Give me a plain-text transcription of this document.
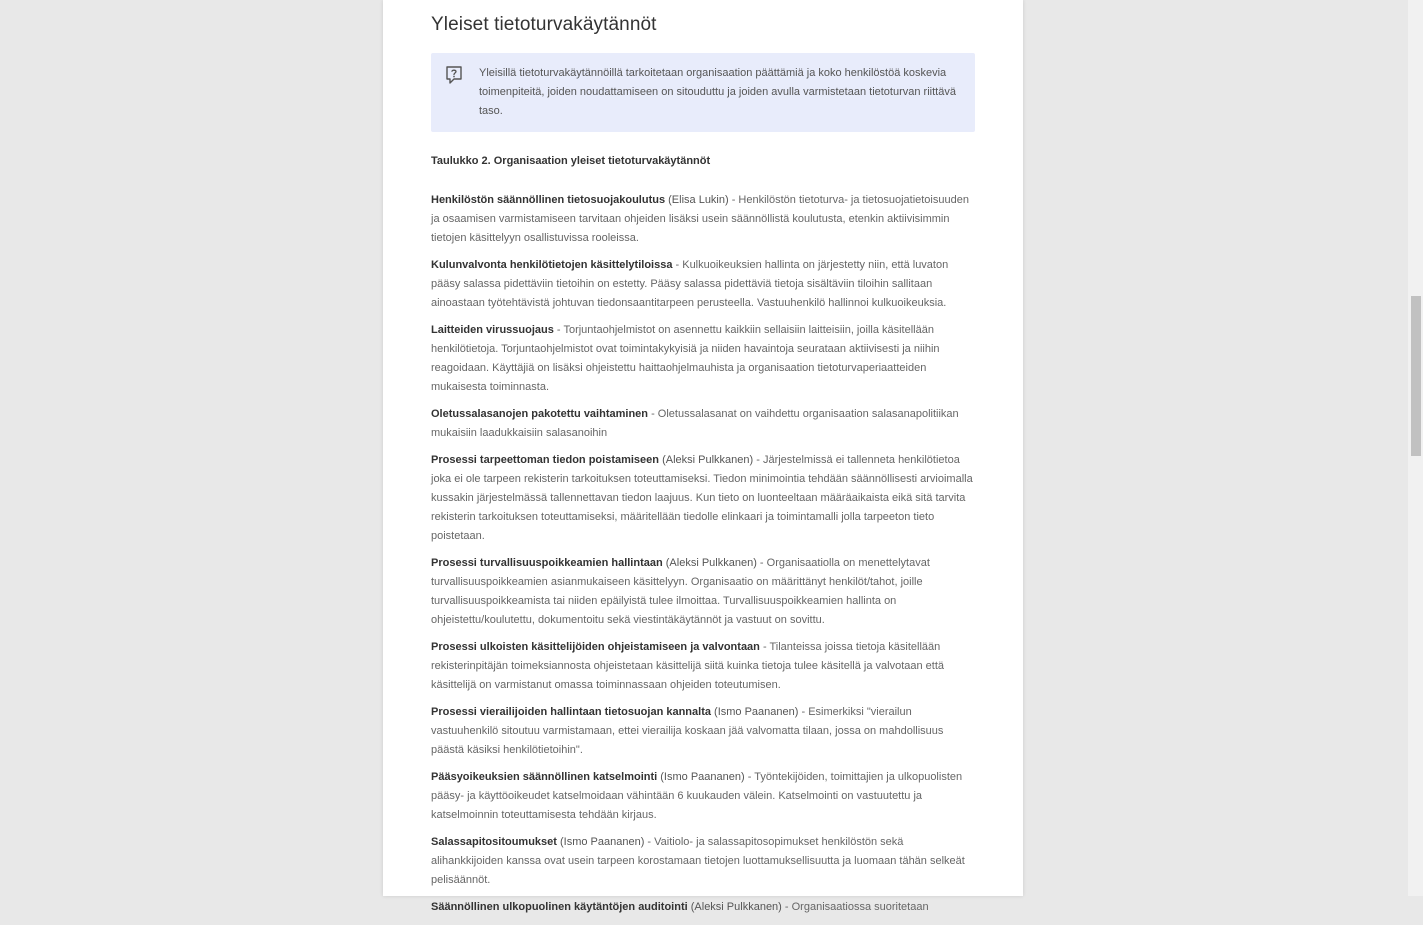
Yleiset tietoturvakäytännöt

Yleisillä tietoturvakäytännöillä tarkoitetaan organisaation päättämiä ja koko henkilöstöä koskevia toimenpiteitä, joiden noudattamiseen on sitouduttu ja joiden avulla varmistetaan tietoturvan riittävä taso.

Taulukko 2. Organisaation yleiset tietoturvakäytännöt

Henkilöstön säännöllinen tietosuojakoulutus (Elisa Lukin) - Henkilöstön tietoturva- ja tietosuojatietoisuuden ja osaamisen varmistamiseen tarvitaan ohjeiden lisäksi usein säännöllistä koulutusta, etenkin aktiivisimmin tietojen käsittelyyn osallistuvissa rooleissa.

Kulunvalvonta henkilötietojen käsittelytiloissa - Kulkuoikeuksien hallinta on järjestetty niin, että luvaton pääsy salassa pidettäviin tietoihin on estetty. Pääsy salassa pidettäviä tietoja sisältäviin tiloihin sallitaan ainoastaan työtehtävistä johtuvan tiedonsaantitarpeen perusteella. Vastuuhenkilö hallinnoi kulkuoikeuksia.

Laitteiden virussuojaus - Torjuntaohjelmistot on asennettu kaikkiin sellaisiin laitteisiin, joilla käsitellään henkilötietoja. Torjuntaohjelmistot ovat toimintakykyisiä ja niiden havaintoja seurataan aktiivisesti ja niihin reagoidaan. Käyttäjiä on lisäksi ohjeistettu haittaohjelmauhista ja organisaation tietoturvaperiaatteiden mukaisesta toiminnasta.

Oletussalasanojen pakotettu vaihtaminen - Oletussalasanat on vaihdettu organisaation salasanapolitiikan mukaisiin laadukkaisiin salasanoihin

Prosessi tarpeettoman tiedon poistamiseen (Aleksi Pulkkanen) - Järjestelmissä ei tallenneta henkilötietoa joka ei ole tarpeen rekisterin tarkoituksen toteuttamiseksi. Tiedon minimointia tehdään säännöllisesti arvioimalla kussakin järjestelmässä tallennettavan tiedon laajuus. Kun tieto on luonteeltaan määräaikaista eikä sitä tarvita rekisterin tarkoituksen toteuttamiseksi, määritellään tiedolle elinkaari ja toimintamalli jolla tarpeeton tieto poistetaan.

Prosessi turvallisuuspoikkeamien hallintaan (Aleksi Pulkkanen) - Organisaatiolla on menettelytavat turvallisuuspoikkeamien asianmukaiseen käsittelyyn. Organisaatio on määrittänyt henkilöt/tahot, joille turvallisuuspoikkeamista tai niiden epäilyistä tulee ilmoittaa. Turvallisuuspoikkeamien hallinta on ohjeistettu/koulutettu, dokumentoitu sekä viestintäkäytännöt ja vastuut on sovittu.

Prosessi ulkoisten käsittelijöiden ohjeistamiseen ja valvontaan - Tilanteissa joissa tietoja käsitellään rekisterinpitäjän toimeksiannosta ohjeistetaan käsittelijä siitä kuinka tietoja tulee käsitellä ja valvotaan että käsittelijä on varmistanut omassa toiminnassaan ohjeiden toteutumisen.

Prosessi vierailijoiden hallintaan tietosuojan kannalta (Ismo Paananen) - Esimerkiksi "vierailun vastuuhenkilö sitoutuu varmistamaan, ettei vierailija koskaan jää valvomatta tilaan, jossa on mahdollisuus päästä käsiksi henkilötietoihin".

Pääsyoikeuksien säännöllinen katselmointi (Ismo Paananen) - Työntekijöiden, toimittajien ja ulkopuolisten pääsy- ja käyttöoikeudet katselmoidaan vähintään 6 kuukauden välein. Katselmointi on vastuutettu ja katselmoinnin toteuttamisesta tehdään kirjaus.

Salassapitositoumukset (Ismo Paananen) - Vaitiolo- ja salassapitosopimukset henkilöstön sekä alihankkijoiden kanssa ovat usein tarpeen korostamaan tietojen luottamuksellisuutta ja luomaan tähän selkeät pelisäännöt.

Säännöllinen ulkopuolinen käytäntöjen auditointi (Aleksi Pulkkanen) - Organisaatiossa suoritetaan
